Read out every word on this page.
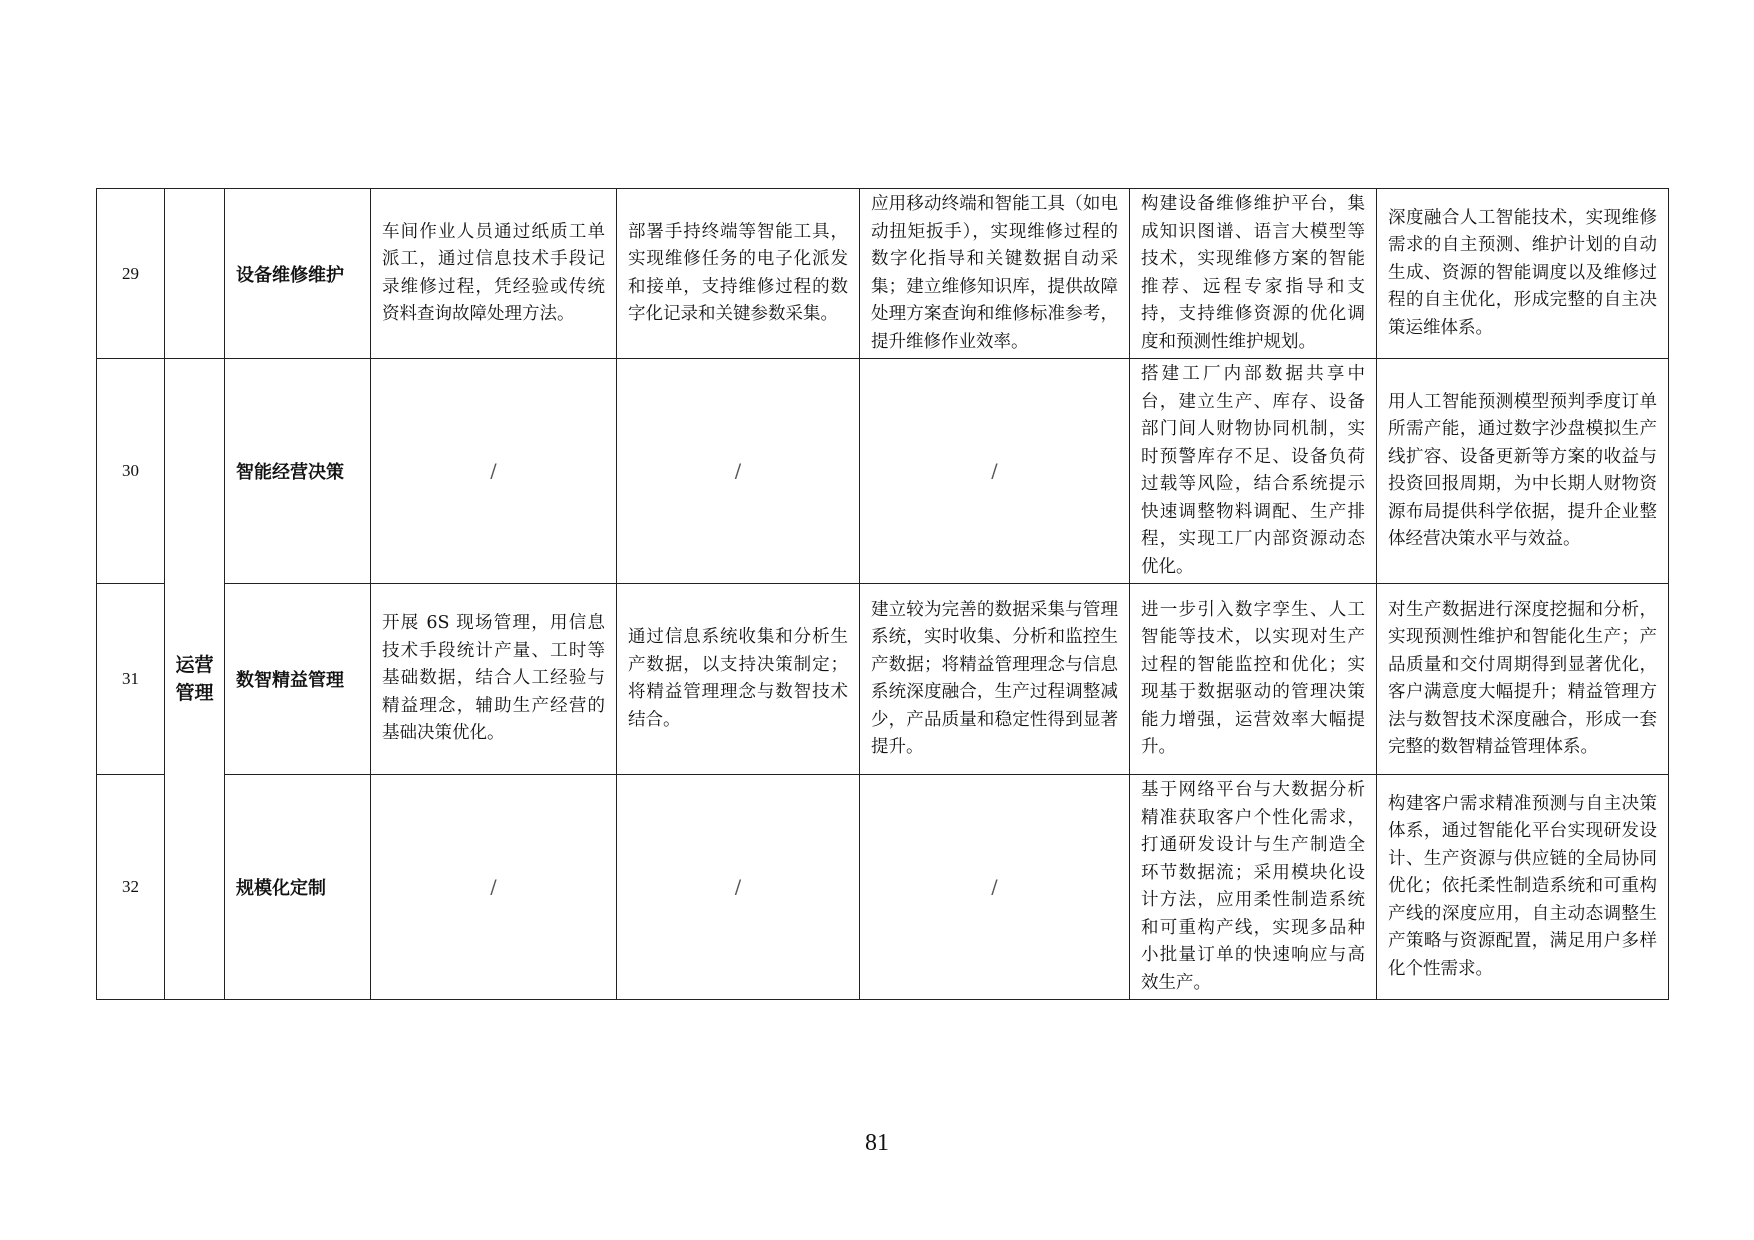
29		设备维修维护	车间作业人员通过纸质工单派工，通过信息技术手段记录维修过程，凭经验或传统资料查询故障处理方法。	部署手持终端等智能工具，实现维修任务的电子化派发和接单，支持维修过程的数字化记录和关键参数采集。	应用移动终端和智能工具（如电动扭矩扳手），实现维修过程的数字化指导和关键数据自动采集；建立维修知识库，提供故障处理方案查询和维修标准参考，提升维修作业效率。	构建设备维修维护平台，集成知识图谱、语言大模型等技术，实现维修方案的智能推荐、远程专家指导和支持，支持维修资源的优化调度和预测性维护规划。	深度融合人工智能技术，实现维修需求的自主预测、维护计划的自动生成、资源的智能调度以及维修过程的自主优化，形成完整的自主决策运维体系。
30	运营管理	智能经营决策	/	/	/	搭建工厂内部数据共享中台，建立生产、库存、设备部门间人财物协同机制，实时预警库存不足、设备负荷过载等风险，结合系统提示快速调整物料调配、生产排程，实现工厂内部资源动态优化。	用人工智能预测模型预判季度订单所需产能，通过数字沙盘模拟生产线扩容、设备更新等方案的收益与投资回报周期，为中长期人财物资源布局提供科学依据，提升企业整体经营决策水平与效益。
31		数智精益管理	开展 6S 现场管理，用信息技术手段统计产量、工时等基础数据，结合人工经验与精益理念，辅助生产经营的基础决策优化。	通过信息系统收集和分析生产数据，以支持决策制定；将精益管理理念与数智技术结合。	建立较为完善的数据采集与管理系统，实时收集、分析和监控生产数据；将精益管理理念与信息系统深度融合，生产过程调整减少，产品质量和稳定性得到显著提升。	进一步引入数字孪生、人工智能等技术，以实现对生产过程的智能监控和优化；实现基于数据驱动的管理决策能力增强，运营效率大幅提升。	对生产数据进行深度挖掘和分析，实现预测性维护和智能化生产；产品质量和交付周期得到显著优化，客户满意度大幅提升；精益管理方法与数智技术深度融合，形成一套完整的数智精益管理体系。
32		规模化定制	/	/	/	基于网络平台与大数据分析精准获取客户个性化需求，打通研发设计与生产制造全环节数据流；采用模块化设计方法，应用柔性制造系统和可重构产线，实现多品种小批量订单的快速响应与高效生产。	构建客户需求精准预测与自主决策体系，通过智能化平台实现研发设计、生产资源与供应链的全局协同优化；依托柔性制造系统和可重构产线的深度应用，自主动态调整生产策略与资源配置，满足用户多样化个性需求。
81
